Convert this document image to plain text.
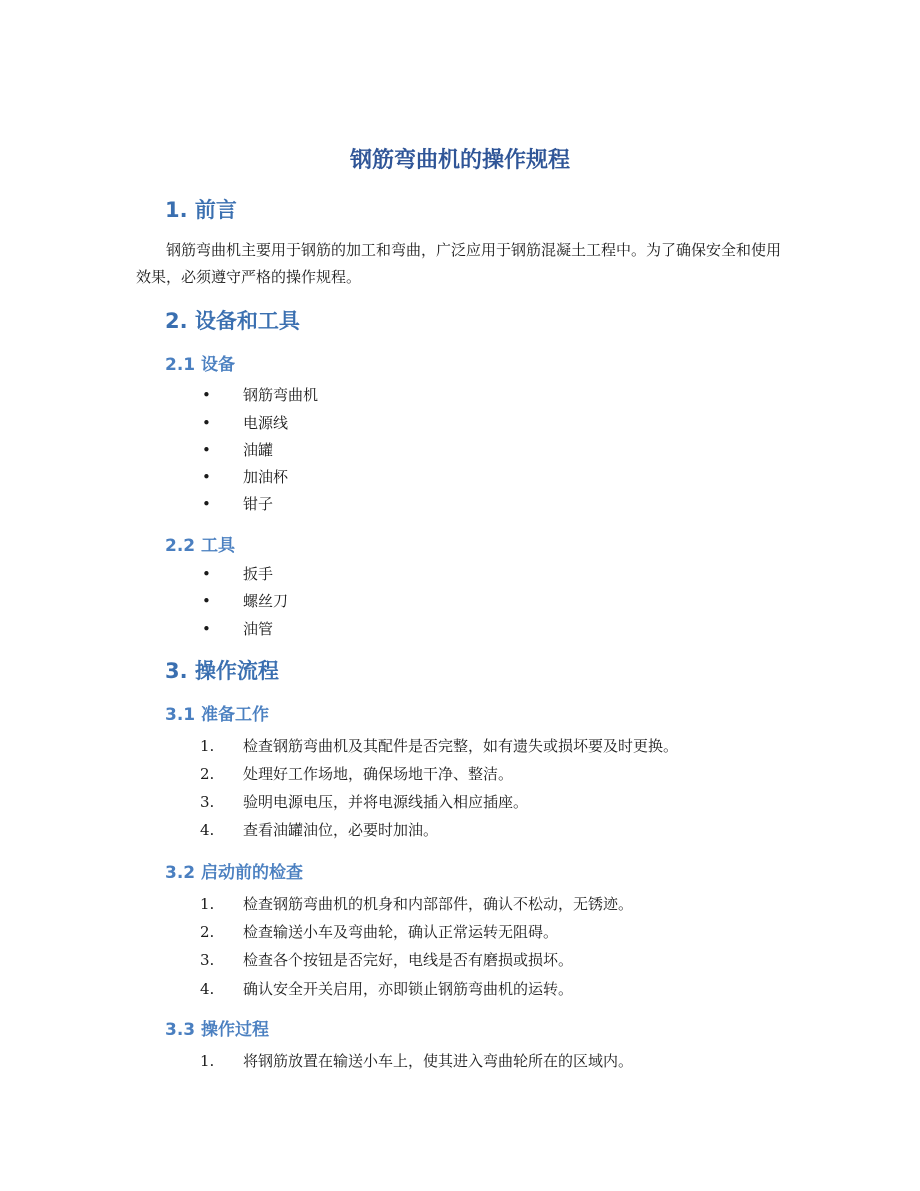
钢筋弯曲机的操作规程
1. 前言

钢筋弯曲机主要用于钢筋的加工和弯曲，广泛应用于钢筋混凝土工程中。为了确保安全和使用效果，必须遵守严格的操作规程。

2. 设备和工具
2.1 设备
• 钢筋弯曲机
• 电源线
• 油罐
• 加油杯
• 钳子
2.2 工具
• 扳手
• 螺丝刀
• 油管
3. 操作流程
3.1 准备工作
1. 检查钢筋弯曲机及其配件是否完整，如有遗失或损坏要及时更换。
2. 处理好工作场地，确保场地干净、整洁。
3. 验明电源电压，并将电源线插入相应插座。
4. 查看油罐油位，必要时加油。
3.2 启动前的检查
1. 检查钢筋弯曲机的机身和内部部件，确认不松动，无锈迹。
2. 检查输送小车及弯曲轮，确认正常运转无阻碍。
3. 检查各个按钮是否完好，电线是否有磨损或损坏。
4. 确认安全开关启用，亦即锁止钢筋弯曲机的运转。
3.3 操作过程
1. 将钢筋放置在输送小车上，使其进入弯曲轮所在的区域内。
